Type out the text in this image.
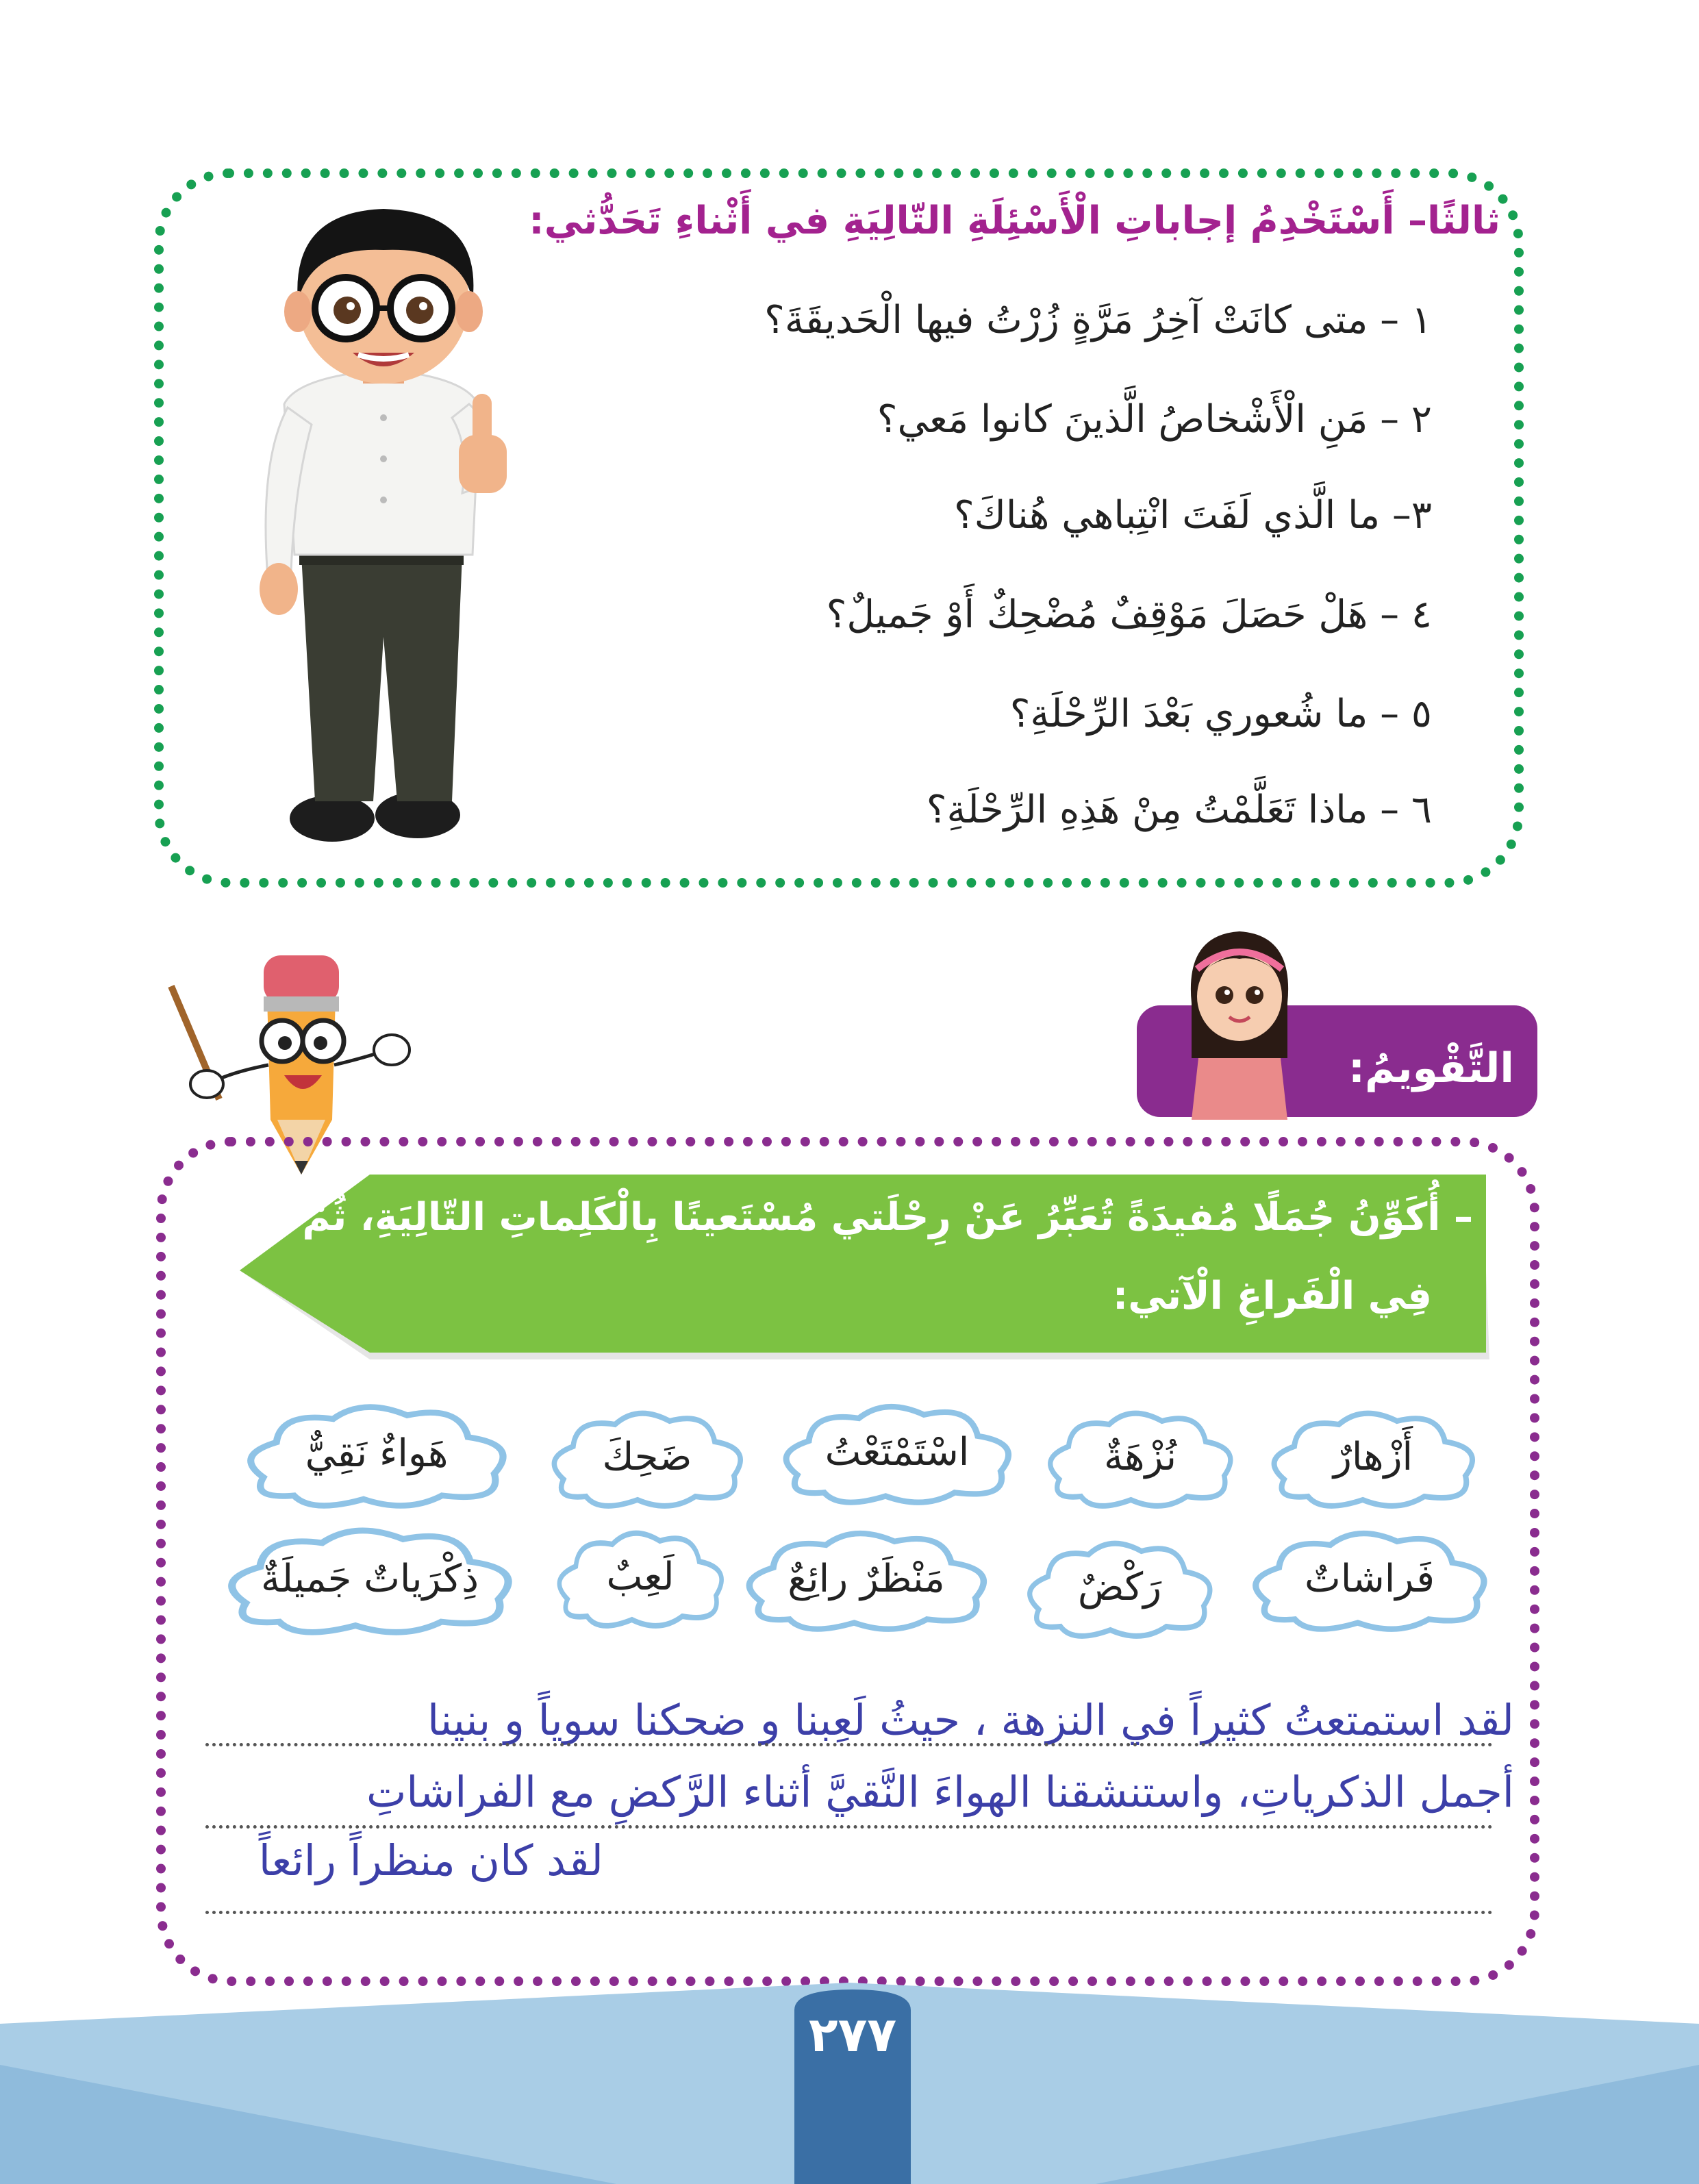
ثالثًا– أَسْتَخْدِمُ إجاباتِ الْأَسْئِلَةِ التّالِيَةِ في أَثْناءِ تَحَدُّثي:
١ – متى كانَتْ آخِرُ مَرَّةٍ زُرْتُ فيها الْحَديقَةَ؟
٢ – مَنِ الْأَشْخاصُ الَّذينَ كانوا مَعي؟
٣– ما الَّذي لَفَتَ انْتِباهي هُناكَ؟
٤ – هَلْ حَصَلَ مَوْقِفٌ مُضْحِكٌ أَوْ جَميلٌ؟
٥ – ما شُعوري بَعْدَ الرِّحْلَةِ؟
٦ – ماذا تَعَلَّمْتُ مِنْ هَذِهِ الرِّحْلَةِ؟
التَّقْويمُ:
– أُكَوِّنُ جُمَلًا مُفيدَةً تُعَبِّرُ عَنْ رِحْلَتي مُسْتَعينًا بِالْكَلِماتِ التّالِيَةِ، ثُمَّ أُدَوِّنُها
فِي الْفَراغِ الْآتي:
أَزْهارٌ
نُزْهَةٌ
اسْتَمْتَعْتُ
ضَحِكَ
هَواءٌ نَقِيٌّ
فَراشاتٌ
رَكْضٌ
مَنْظَرٌ رائِعٌ
لَعِبٌ
ذِكْرَياتٌ جَميلَةٌ
لقد استمتعتُ كثيراً في النزهة ، حيثُ لَعِبنا و ضحكنا سوياً و بنينا
أجمل الذكرياتِ، واستنشقنا الهواءَ النَّقيَّ أثناء الرَّكضِ مع الفراشاتِ
لقد كان منظراً رائعاً
٢٧٧
